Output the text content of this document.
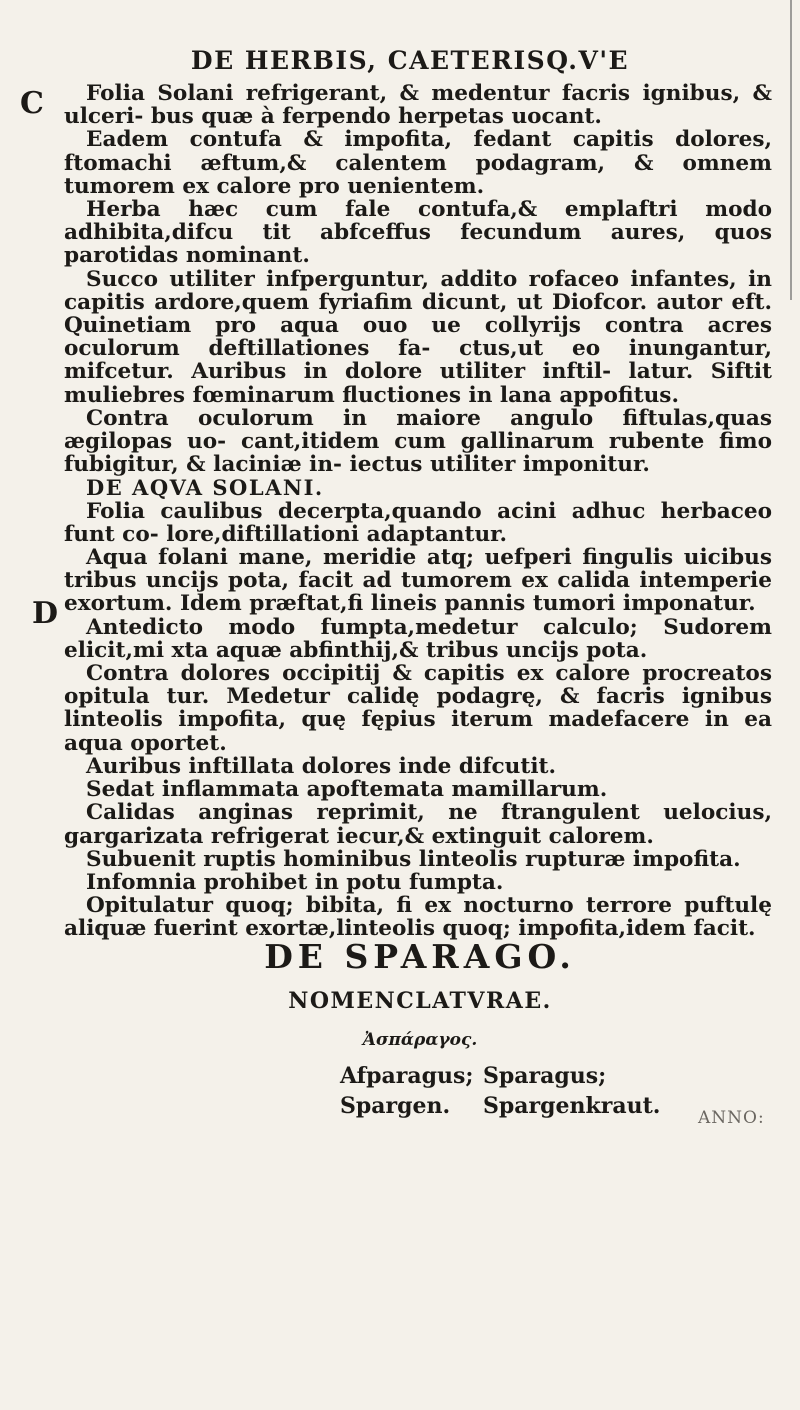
DE HERBIS, CAETERISQ.V'E
C
D

Folia Solani refrigerant, & medentur facris ignibus, & ulceri- bus quæ à ferpendo herpetas uocant.

Eadem contufa & impofita, fedant capitis dolores, ftomachi æftum,& calentem podagram, & omnem tumorem ex calore pro uenientem.

Herba hæc cum fale contufa,& emplaftri modo adhibita,difcu tit abfceffus fecundum aures, quos parotidas nominant.

Succo utiliter infperguntur, addito rofaceo infantes, in capitis ardore,quem fyriafim dicunt, ut Diofcor. autor eft. Quinetiam pro aqua ouo ue collyrijs contra acres oculorum deftillationes fa- ctus,ut eo inungantur, mifcetur. Auribus in dolore utiliter inftil- latur. Siftit muliebres fœminarum fluctiones in lana appofitus.

Contra oculorum in maiore angulo fiftulas,quas ægilopas uo- cant,itidem cum gallinarum rubente fimo fubigitur, & laciniæ in- iectus utiliter imponitur.

DE AQVA SOLANI.

Folia caulibus decerpta,quando acini adhuc herbaceo funt co- lore,diftillationi adaptantur.

Aqua folani mane, meridie atq; uefperi fingulis uicibus tribus uncijs pota, facit ad tumorem ex calida intemperie exortum. Idem præftat,fi lineis pannis tumori imponatur.

Antedicto modo fumpta,medetur calculo; Sudorem elicit,mi xta aquæ abfinthij,& tribus uncijs pota.

Contra dolores occipitij & capitis ex calore procreatos opitula tur. Medetur calidę podagrę, & facris ignibus linteolis impofita, quę fępius iterum madefacere in ea aqua oportet.

Auribus inftillata dolores inde difcutit.

Sedat inflammata apoftemata mamillarum.

Calidas anginas reprimit, ne ftrangulent uelocius, gargarizata refrigerat iecur,& extinguit calorem.

Subuenit ruptis hominibus linteolis rupturæ impofita.

Infomnia prohibet in potu fumpta.

Opitulatur quoq; bibita, fi ex nocturno terrore puftulę aliquæ fuerint exortæ,linteolis quoq; impofita,idem facit.

DE SPARAGO.
NOMENCLATVRAE.
Ἀσπάραγος.
Afparagus; Sparagus;
Spargen. Spargenkraut. ANNO:
